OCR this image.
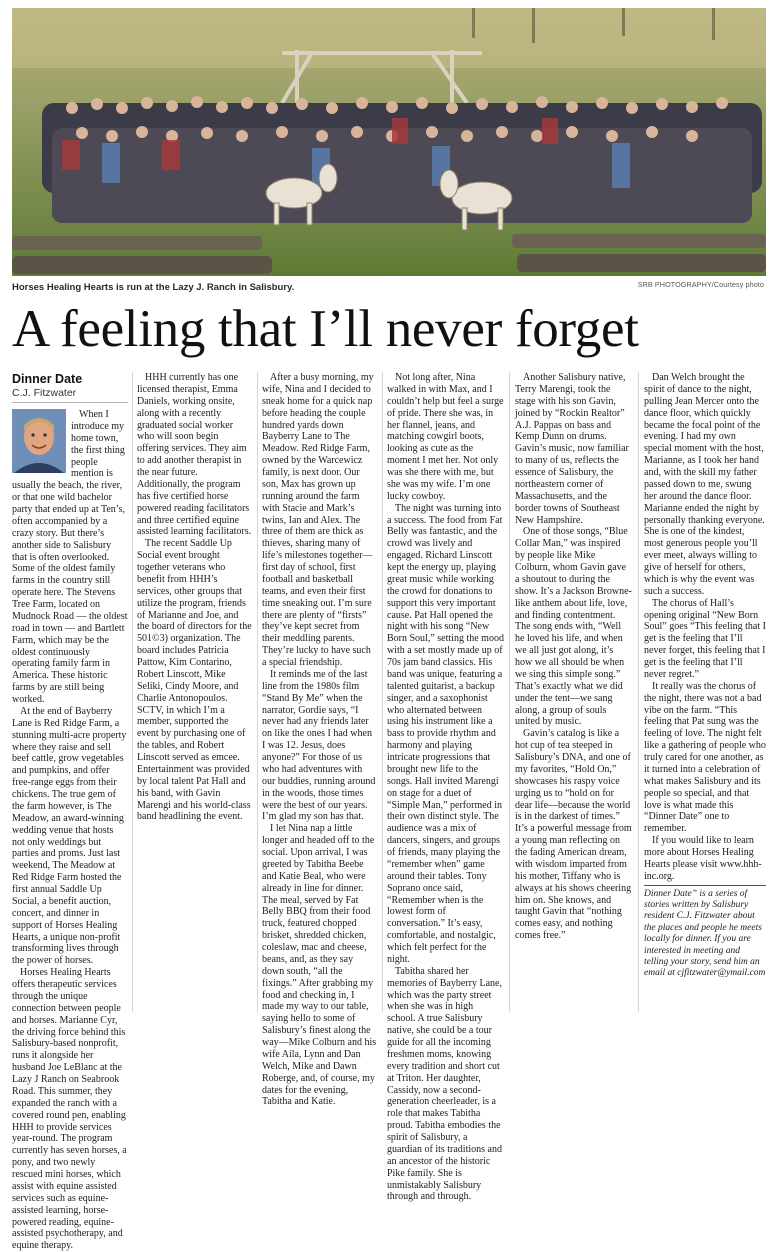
Horses Healing Hearts is run at the Lazy J. Ranch in Salisbury.	SRB PHOTOGRAPHY/Courtesy photo
A feeling that I’ll never forget
Dinner Date
C.J. Fitzwater

When I introduce my home town, the first thing people mention is usually the beach, the river, or that one wild bachelor party that ended up at Ten’s, often accompanied by a crazy story. But there’s another side to Salisbury that is often overlooked. Some of the oldest family farms in the country still operate here. The Stevens Tree Farm, located on Mudnock Road — the oldest road in town — and Bartlett Farm, which may be the oldest continuously operating family farm in America. These historic farms by are still being worked.

At the end of Bayberry Lane is Red Ridge Farm, a stunning multi-acre property where they raise and sell beef cattle, grow vegetables and pumpkins, and offer free-range eggs from their chickens. The true gem of the farm however, is The Meadow, an award-winning wedding venue that hosts not only weddings but parties and proms. Just last weekend, The Meadow at Red Ridge Farm hosted the first annual Saddle Up Social, a benefit auction, concert, and dinner in support of Horses Healing Hearts, a unique non-profit transforming lives through the power of horses.

Horses Healing Hearts offers therapeutic services through the unique connection between people and horses. Marianne Cyr, the driving force behind this Salisbury-based nonprofit, runs it alongside her husband Joe LeBlanc at the Lazy J Ranch on Seabrook Road. This summer, they expanded the ranch with a covered round pen, enabling HHH to provide services year-round. The program currently has seven horses, a pony, and two newly rescued mini horses, which assist with equine assisted services such as equine-assisted learning, horse-powered reading, equine-assisted psychotherapy, and equine therapy.

HHH currently has one licensed therapist, Emma Daniels, working onsite, along with a recently graduated social worker who will soon begin offering services. They aim to add another therapist in the near future. Additionally, the program has five certified horse powered reading facilitators and three certified equine assisted learning facilitators.

The recent Saddle Up Social event brought together veterans who benefit from HHH’s services, other groups that utilize the program, friends of Marianne and Joe, and the board of directors for the 501©3) organization. The board includes Patricia Pattow, Kim Contarino, Robert Linscott, Mike Seliki, Cindy Moore, and Charlie Antonopoulos. SCTV, in which I’m a member, supported the event by purchasing one of the tables, and Robert Linscott served as emcee. Entertainment was provided by local talent Pat Hall and his band, with Gavin Marengi and his world-class band headlining the event.

After a busy morning, my wife, Nina and I decided to sneak home for a quick nap before heading the couple hundred yards down Bayberry Lane to The Meadow. Red Ridge Farm, owned by the Warcewicz family, is next door. Our son, Max has grown up running around the farm with Stacie and Mark’s twins, Ian and Alex. The three of them are thick as thieves, sharing many of life’s milestones together—first day of school, first football and basketball teams, and even their first time sneaking out. I’m sure there are plenty of “firsts” they’ve kept secret from their meddling parents. They’re lucky to have such a special friendship.

It reminds me of the last line from the 1980s film “Stand By Me” when the narrator, Gordie says, “I never had any friends later on like the ones I had when I was 12. Jesus, does anyone?” For those of us who had adventures with our buddies, running around in the woods, those times were the best of our years. I’m glad my son has that.

I let Nina nap a little longer and headed off to the social. Upon arrival, I was greeted by Tabitha Beebe and Katie Beal, who were already in line for dinner. The meal, served by Fat Belly BBQ from their food truck, featured chopped brisket, shredded chicken, coleslaw, mac and cheese, beans, and, as they say down south, “all the fixings.” After grabbing my food and checking in, I made my way to our table, saying hello to some of Salisbury’s finest along the way—Mike Colburn and his wife Aila, Lynn and Dan Welch, Mike and Dawn Roberge, and, of course, my dates for the evening, Tabitha and Katie.

Not long after, Nina walked in with Max, and I couldn’t help but feel a surge of pride. There she was, in her flannel, jeans, and matching cowgirl boots, looking as cute as the moment I met her. Not only was she there with me, but she was my wife. I’m one lucky cowboy.

The night was turning into a success. The food from Fat Belly was fantastic, and the crowd was lively and engaged. Richard Linscott kept the energy up, playing great music while working the crowd for donations to support this very important cause. Pat Hall opened the night with his song “New Born Soul,” setting the mood with a set mostly made up of 70s jam band classics. His band was unique, featuring a talented guitarist, a backup singer, and a saxophonist who alternated between using his instrument like a bass to provide rhythm and harmony and playing intricate progressions that brought new life to the songs. Hall invited Marengi on stage for a duet of “Simple Man,” performed in their own distinct style. The audience was a mix of dancers, singers, and groups of friends, many playing the “remember when” game around their tables. Tony Soprano once said, “Remember when is the lowest form of conversation.” It’s easy, comfortable, and nostalgic, which felt perfect for the night.

Tabitha shared her memories of Bayberry Lane, which was the party street when she was in high school. A true Salisbury native, she could be a tour guide for all the incoming freshmen moms, knowing every tradition and short cut at Triton. Her daughter, Cassidy, now a second-generation cheerleader, is a role that makes Tabitha proud. Tabitha embodies the spirit of Salisbury, a guardian of its traditions and an ancestor of the historic Pike family. She is unmistakably Salisbury through and through.

Another Salisbury native, Terry Marengi, took the stage with his son Gavin, joined by “Rockin Realtor” A.J. Pappas on bass and Kemp Dunn on drums. Gavin’s music, now familiar to many of us, reflects the essence of Salisbury, the northeastern corner of Massachusetts, and the border towns of Southeast New Hampshire.

One of those songs, “Blue Collar Man,” was inspired by people like Mike Colburn, whom Gavin gave a shoutout to during the show. It’s a Jackson Browne-like anthem about life, love, and finding contentment. The song ends with, “Well he loved his life, and when we all just got along, it’s how we all should be when we sing this simple song.” That’s exactly what we did under the tent—we sang along, a group of souls united by music.

Gavin’s catalog is like a hot cup of tea steeped in Salisbury’s DNA, and one of my favorites, “Hold On,” showcases his raspy voice urging us to “hold on for dear life—because the world is in the darkest of times.” It’s a powerful message from a young man reflecting on the fading American dream, with wisdom imparted from his mother, Tiffany who is always at his shows cheering him on. She knows, and taught Gavin that “nothing comes easy, and nothing comes free.”

Dan Welch brought the spirit of dance to the night, pulling Jean Mercer onto the dance floor, which quickly became the focal point of the evening. I had my own special moment with the host, Marianne, as I took her hand and, with the skill my father passed down to me, swung her around the dance floor. Marianne ended the night by personally thanking everyone. She is one of the kindest, most generous people you’ll ever meet, always willing to give of herself for others, which is why the event was such a success.

The chorus of Hall’s opening original “New Born Soul” goes “This feeling that I get is the feeling that I’ll never forget, this feeling that I get is the feeling that I’ll never regret.”

It really was the chorus of the night, there was not a bad vibe on the farm. “This feeling that Pat sung was the feeling of love. The night felt like a gathering of people who truly cared for one another, as it turned into a celebration of what makes Salisbury and its people so special, and that love is what made this “Dinner Date” one to remember.

If you would like to learn more about Horses Healing Hearts please visit www.hhh-inc.org.

Dinner Date” is a series of stories written by Salisbury resident C.J. Fitzwater about the places and people he meets locally for dinner. If you are interested in meeting and telling your story, send him an email at cjfitzwater@ymail.com
